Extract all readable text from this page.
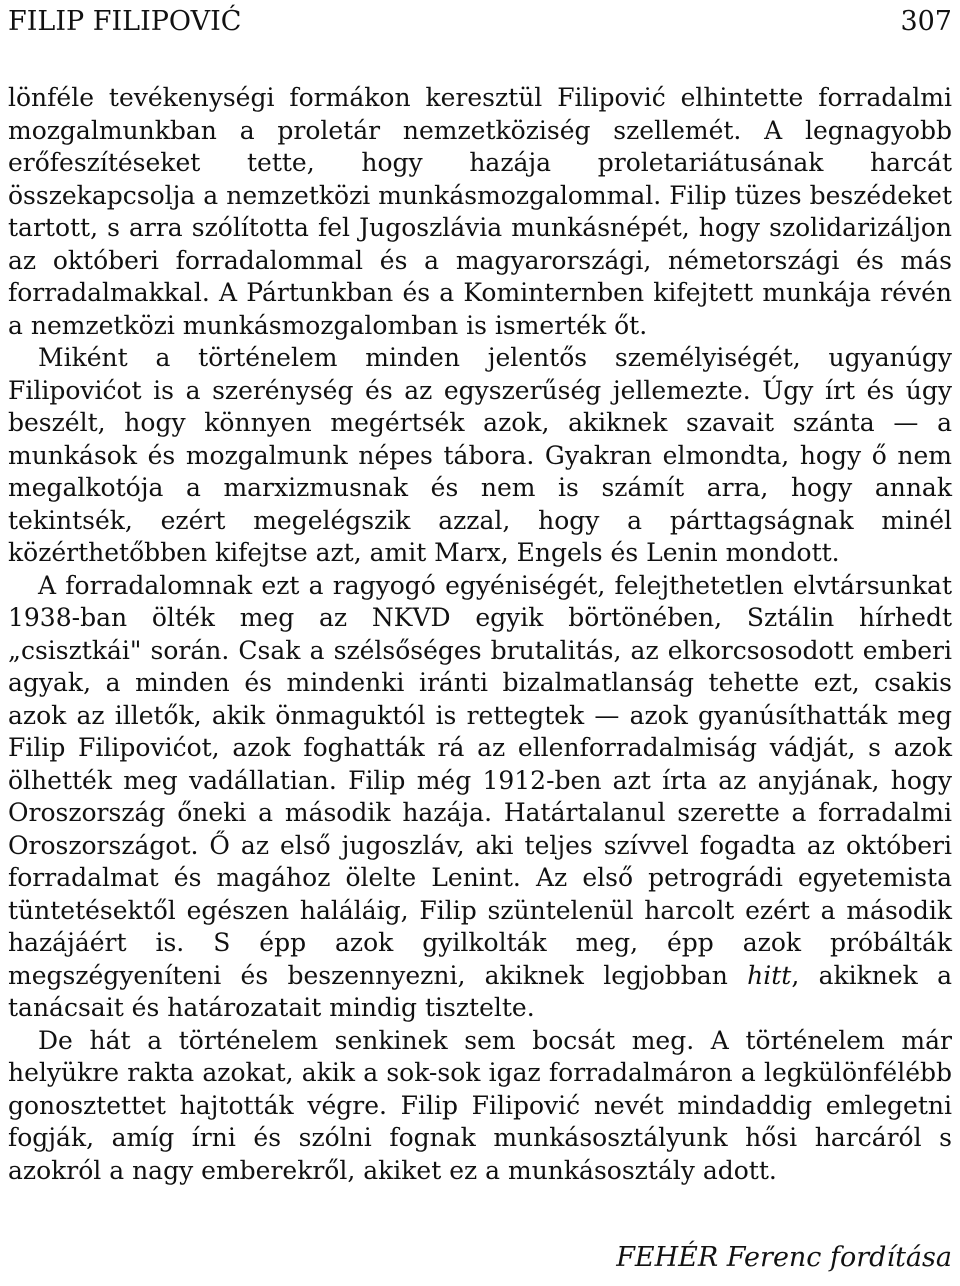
FILIP FILIPOVIĆ	307

lönféle tevékenységi formákon keresztül Filipović elhintette forradalmi mozgalmunkban a proletár nemzetköziség szellemét. A legnagyobb erőfeszítéseket tette, hogy hazája proletariátusának harcát összekapcsolja a nemzetközi munkásmozgalommal. Filip tüzes beszédeket tartott, s arra szólította fel Jugoszlávia munkásnépét, hogy szolidarizáljon az októberi forradalommal és a magyarországi, németországi és más forradalmakkal. A Pártunkban és a Kominternben kifejtett munkája révén a nemzetközi munkásmozgalomban is ismerték őt.

Miként a történelem minden jelentős személyiségét, ugyanúgy Filipovićot is a szerénység és az egyszerűség jellemezte. Úgy írt és úgy beszélt, hogy könnyen megértsék azok, akiknek szavait szánta — a munkások és mozgalmunk népes tábora. Gyakran elmondta, hogy ő nem megalkotója a marxizmusnak és nem is számít arra, hogy annak tekintsék, ezért megelégszik azzal, hogy a párttagságnak minél közérthetőbben kifejtse azt, amit Marx, Engels és Lenin mondott.

A forradalomnak ezt a ragyogó egyéniségét, felejthetetlen elvtársunkat 1938-ban ölték meg az NKVD egyik börtönében, Sztálin hírhedt „csisztkái" során. Csak a szélsőséges brutalitás, az elkorcsosodott emberi agyak, a minden és mindenki iránti bizalmatlanság tehette ezt, csakis azok az illetők, akik önmaguktól is rettegtek — azok gyanúsíthatták meg Filip Filipovićot, azok foghatták rá az ellenforradalmiság vádját, s azok ölhették meg vadállatian. Filip még 1912-ben azt írta az anyjának, hogy Oroszország őneki a második hazája. Határtalanul szerette a forradalmi Oroszországot. Ő az első jugoszláv, aki teljes szívvel fogadta az októberi forradalmat és magához ölelte Lenint. Az első petrográdi egyetemista tüntetésektől egészen haláláig, Filip szüntelenül harcolt ezért a második hazájáért is. S épp azok gyilkolták meg, épp azok próbálták megszégyeníteni és beszennyezni, akiknek legjobban hitt, akiknek a tanácsait és határozatait mindig tisztelte.

De hát a történelem senkinek sem bocsát meg. A történelem már helyükre rakta azokat, akik a sok-sok igaz forradalmáron a legkülönfélébb gonosztettet hajtották végre. Filip Filipović nevét mindaddig emlegetni fogják, amíg írni és szólni fognak munkásosztályunk hősi harcáról s azokról a nagy emberekről, akiket ez a munkásosztály adott.

FEHÉR Ferenc fordítása
